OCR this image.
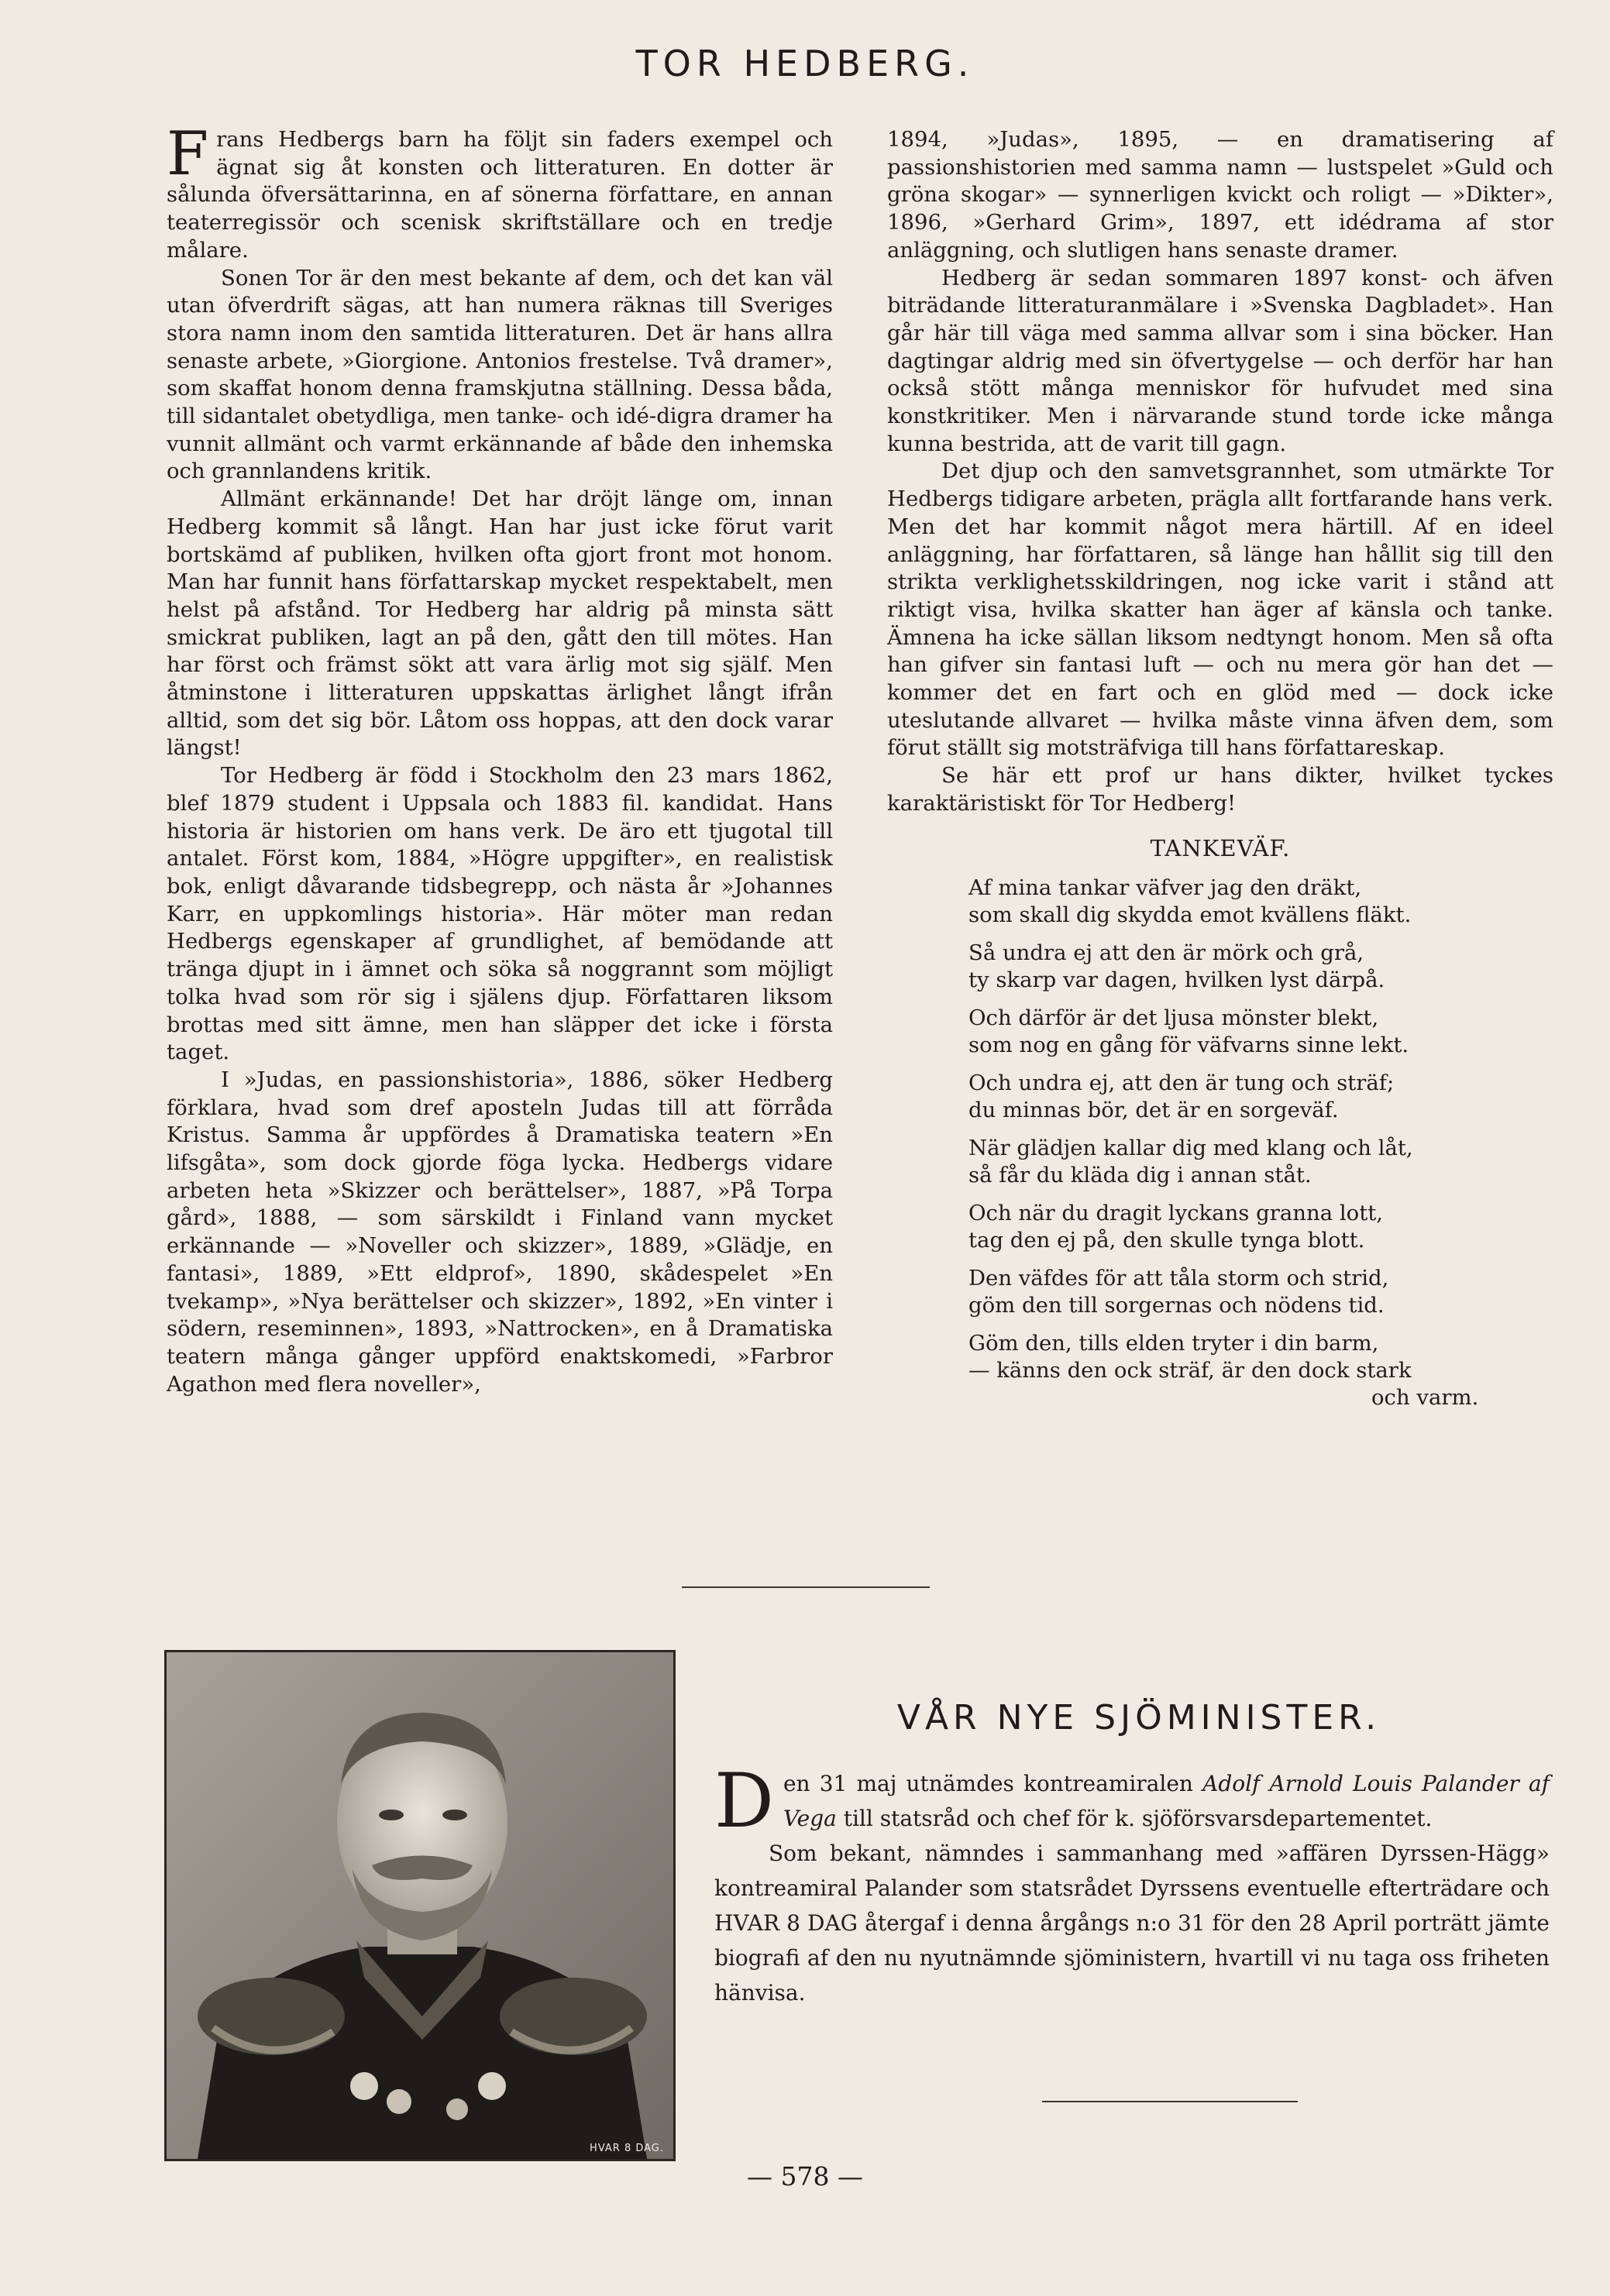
TOR HEDBERG.

Frans Hedbergs barn ha följt sin faders exempel och ägnat sig åt konsten och litteraturen. En dotter är sålunda öfversättarinna, en af sönerna författare, en annan teaterregissör och scenisk skriftställare och en tredje målare.

Sonen Tor är den mest bekante af dem, och det kan väl utan öfverdrift sägas, att han numera räknas till Sveriges stora namn inom den samtida litteraturen. Det är hans allra senaste arbete, »Giorgione. Antonios frestelse. Två dramer», som skaffat honom denna framskjutna ställning. Dessa båda, till sidantalet obetydliga, men tanke- och idé-digra dramer ha vunnit allmänt och varmt erkännande af både den inhemska och grannlandens kritik.

Allmänt erkännande! Det har dröjt länge om, innan Hedberg kommit så långt. Han har just icke förut varit bortskämd af publiken, hvilken ofta gjort front mot honom. Man har funnit hans författarskap mycket respektabelt, men helst på afstånd. Tor Hedberg har aldrig på minsta sätt smickrat publiken, lagt an på den, gått den till mötes. Han har först och främst sökt att vara ärlig mot sig själf. Men åtminstone i litteraturen uppskattas ärlighet långt ifrån alltid, som det sig bör. Låtom oss hoppas, att den dock varar längst!

Tor Hedberg är född i Stockholm den 23 mars 1862, blef 1879 student i Uppsala och 1883 fil. kandidat. Hans historia är historien om hans verk. De äro ett tjugotal till antalet. Först kom, 1884, »Högre uppgifter», en realistisk bok, enligt dåvarande tidsbegrepp, och nästa år »Johannes Karr, en uppkomlings historia». Här möter man redan Hedbergs egenskaper af grundlighet, af bemödande att tränga djupt in i ämnet och söka så noggrannt som möjligt tolka hvad som rör sig i själens djup. Författaren liksom brottas med sitt ämne, men han släpper det icke i första taget.

I »Judas, en passionshistoria», 1886, söker Hedberg förklara, hvad som dref aposteln Judas till att förråda Kristus. Samma år uppfördes å Dramatiska teatern »En lifsgåta», som dock gjorde föga lycka. Hedbergs vidare arbeten heta »Skizzer och berättelser», 1887, »På Torpa gård», 1888, — som särskildt i Finland vann mycket erkännande — »Noveller och skizzer», 1889, »Glädje, en fantasi», 1889, »Ett eldprof», 1890, skådespelet »En tvekamp», »Nya berättelser och skizzer», 1892, »En vinter i södern, reseminnen», 1893, »Nattrocken», en å Dramatiska teatern många gånger uppförd enaktskomedi, »Farbror Agathon med flera noveller»,

1894, »Judas», 1895, — en dramatisering af passionshistorien med samma namn — lustspelet »Guld och gröna skogar» — synnerligen kvickt och roligt — »Dikter», 1896, »Gerhard Grim», 1897, ett idédrama af stor anläggning, och slutligen hans senaste dramer.

Hedberg är sedan sommaren 1897 konst- och äfven biträdande litteraturanmälare i »Svenska Dagbladet». Han går här till väga med samma allvar som i sina böcker. Han dagtingar aldrig med sin öfvertygelse — och derför har han också stött många menniskor för hufvudet med sina konstkritiker. Men i närvarande stund torde icke många kunna bestrida, att de varit till gagn.

Det djup och den samvetsgrannhet, som utmärkte Tor Hedbergs tidigare arbeten, prägla allt fortfarande hans verk. Men det har kommit något mera härtill. Af en ideel anläggning, har författaren, så länge han hållit sig till den strikta verklighetsskildringen, nog icke varit i stånd att riktigt visa, hvilka skatter han äger af känsla och tanke. Ämnena ha icke sällan liksom nedtyngt honom. Men så ofta han gifver sin fantasi luft — och nu mera gör han det — kommer det en fart och en glöd med — dock icke uteslutande allvaret — hvilka måste vinna äfven dem, som förut ställt sig motsträfviga till hans författareskap.

Se här ett prof ur hans dikter, hvilket tyckes karaktäristiskt för Tor Hedberg!

TANKEVÄF.
Af mina tankar väfver jag den dräkt,
som skall dig skydda emot kvällens fläkt.
Så undra ej att den är mörk och grå,
ty skarp var dagen, hvilken lyst därpå.
Och därför är det ljusa mönster blekt,
som nog en gång för väfvarns sinne lekt.
Och undra ej, att den är tung och sträf;
du minnas bör, det är en sorgeväf.
När glädjen kallar dig med klang och låt,
så får du kläda dig i annan ståt.
Och när du dragit lyckans granna lott,
tag den ej på, den skulle tynga blott.
Den väfdes för att tåla storm och strid,
göm den till sorgernas och nödens tid.
Göm den, tills elden tryter i din barm,
— känns den ock sträf, är den dock stark
och varm.
HVAR 8 DAG.
VÅR NYE SJÖMINISTER.

Den 31 maj utnämdes kontreamiralen Adolf Arnold Louis Palander af Vega till statsråd och chef för k. sjöförsvarsdepartementet.

Som bekant, nämndes i sammanhang med »affären Dyrssen-Hägg» kontreamiral Palander som statsrådet Dyrssens eventuelle efterträdare och HVAR 8 DAG återgaf i denna årgångs n:o 31 för den 28 April porträtt jämte biografi af den nu nyutnämnde sjöministern, hvartill vi nu taga oss friheten hänvisa.

— 578 —
